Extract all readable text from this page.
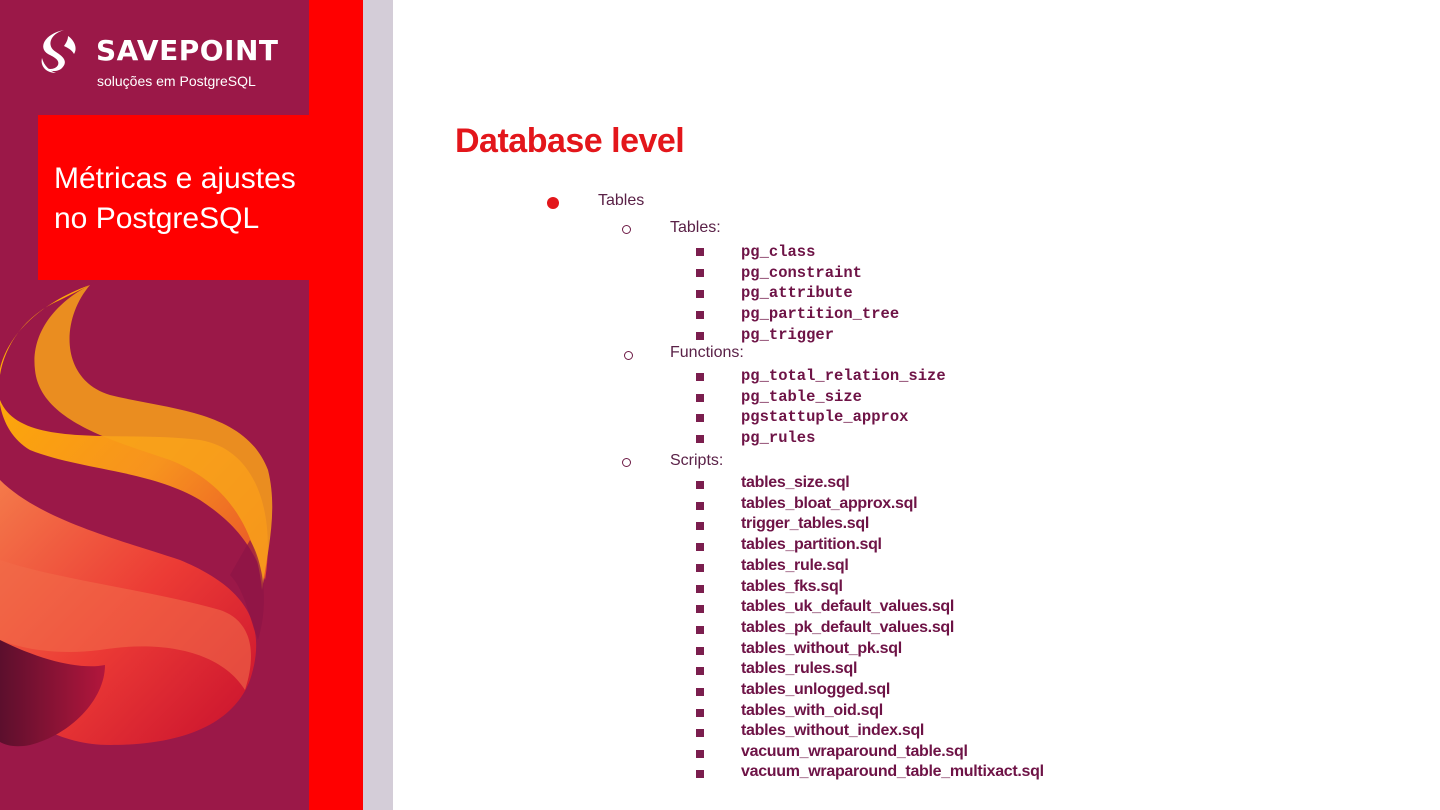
SAVEPOINT
soluções em PostgreSQL
Métricas e ajustes
no PostgreSQL
Database level
Tables
Tables:
pg_class
pg_constraint
pg_attribute
pg_partition_tree
pg_trigger
Functions:
pg_total_relation_size
pg_table_size
pgstattuple_approx
pg_rules
Scripts:
tables_size.sql
tables_bloat_approx.sql
trigger_tables.sql
tables_partition.sql
tables_rule.sql
tables_fks.sql
tables_uk_default_values.sql
tables_pk_default_values.sql
tables_without_pk.sql
tables_rules.sql
tables_unlogged.sql
tables_with_oid.sql
tables_without_index.sql
vacuum_wraparound_table.sql
vacuum_wraparound_table_multixact.sql
